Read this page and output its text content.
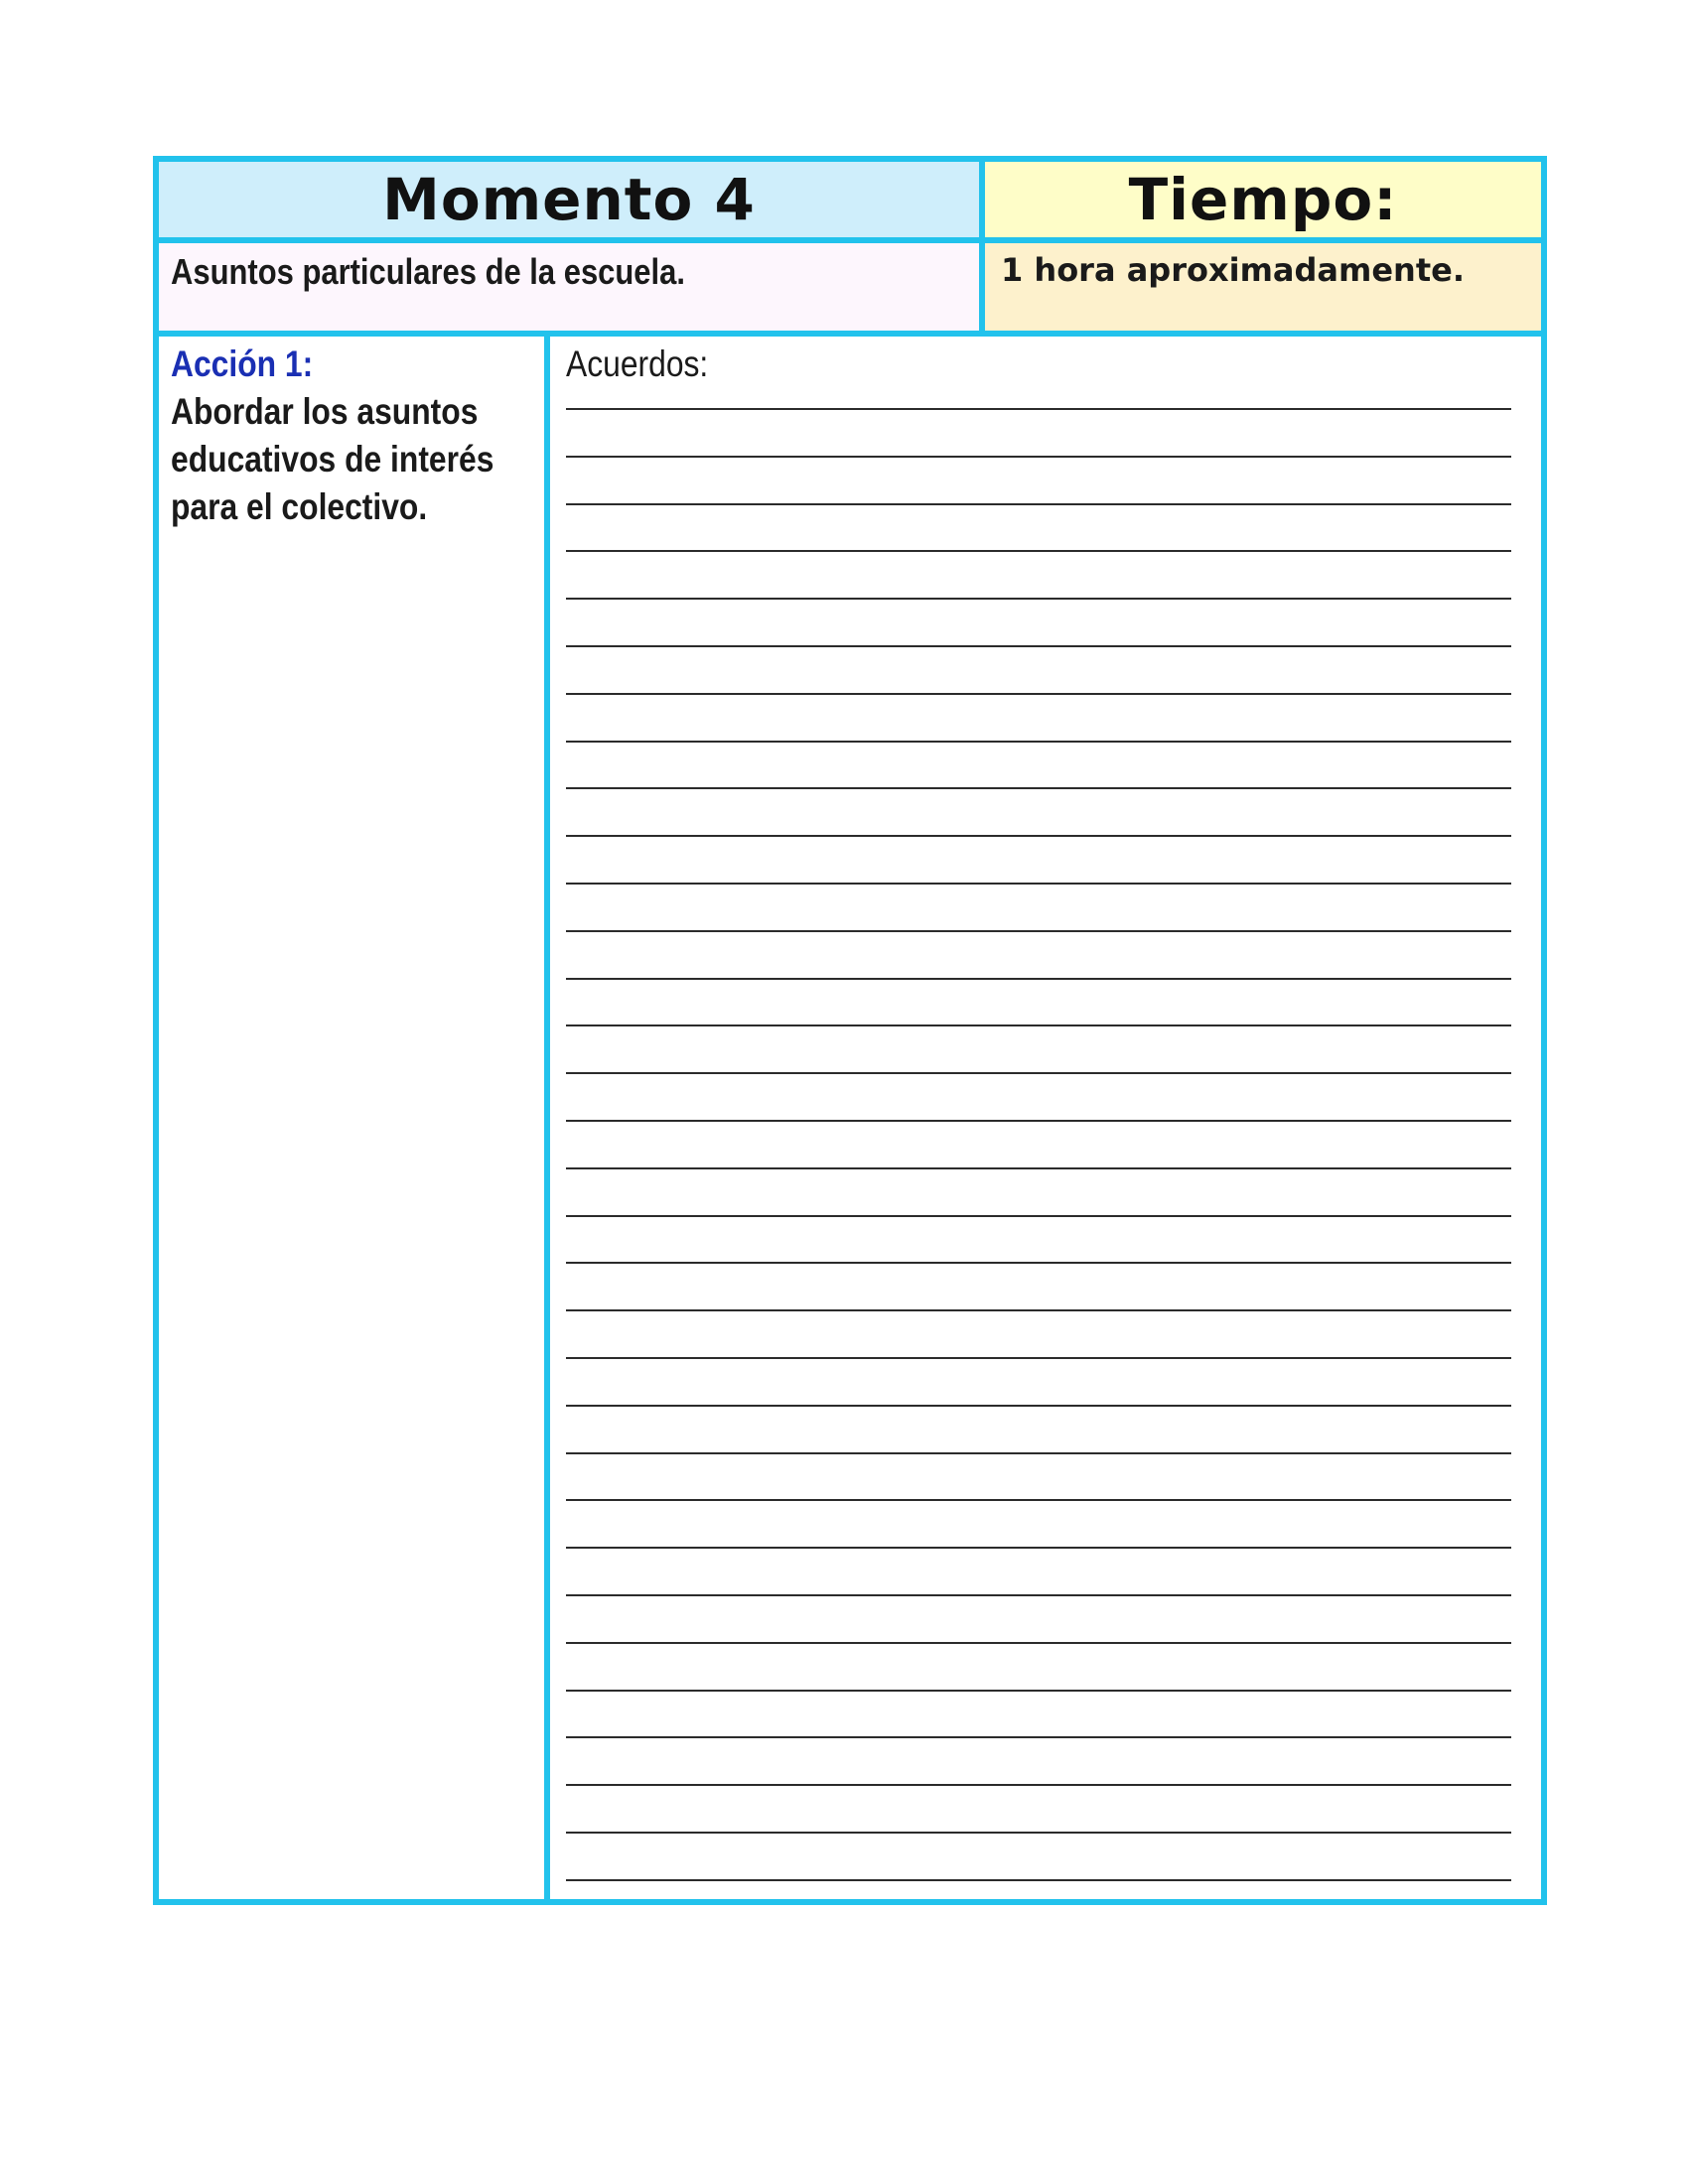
Momento 4	Tiempo:
Asuntos particulares de la escuela.	1 hora aproximadamente.
Acción 1:
Abordar los asuntos educativos de interés para el colectivo.
Acuerdos:
